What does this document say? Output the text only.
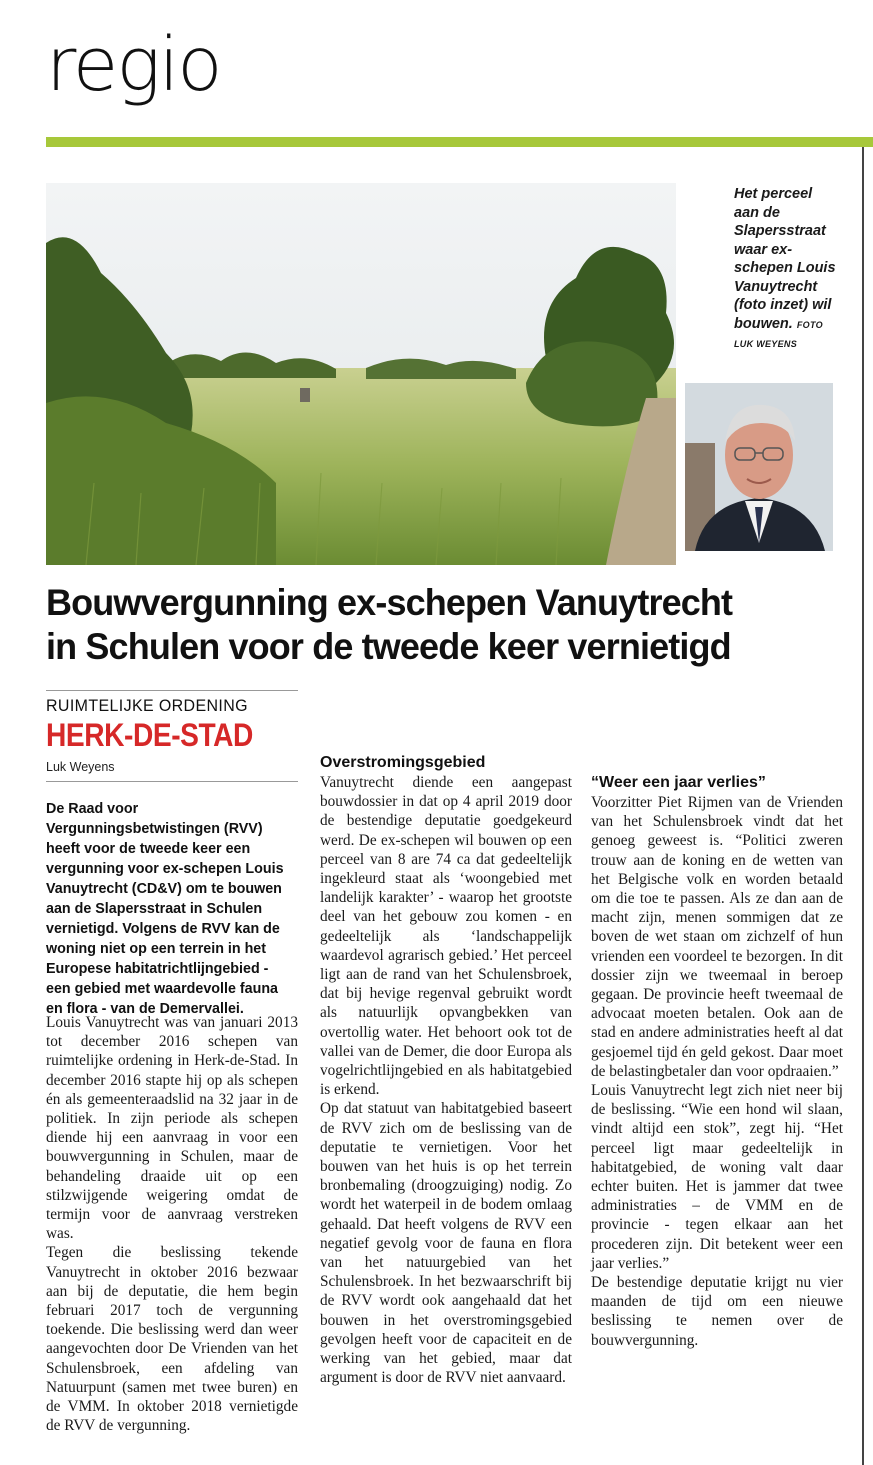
regio
Het perceel aan de Slapersstraat waar ex-schepen Louis Vanuytrecht (foto inzet) wil bouwen. FOTO LUK WEYENS
Bouwvergunning ex-schepen Vanuytrecht
in Schulen voor de tweede keer vernietigd
RUIMTELIJKE ORDENING
HERK-DE-STAD
Luk Weyens
De Raad voor Vergunningsbetwistingen (RVV) heeft voor de tweede keer een vergunning voor ex-schepen Louis Vanuytrecht (CD&V) om te bouwen aan de Slapersstraat in Schulen vernietigd. Volgens de RVV kan de woning niet op een terrein in het Europese habitatrichtlijngebied - een gebied met waardevolle fauna en flora - van de Demervallei.

Louis Vanuytrecht was van januari 2013 tot december 2016 schepen van ruimtelijke ordening in Herk-de-Stad. In december 2016 stapte hij op als schepen én als gemeenteraadslid na 32 jaar in de politiek. In zijn periode als schepen diende hij een aanvraag in voor een bouwvergunning in Schulen, maar de behandeling draaide uit op een stilzwijgende weigering omdat de termijn voor de aanvraag verstreken was.

Tegen die beslissing tekende Vanuytrecht in oktober 2016 bezwaar aan bij de deputatie, die hem begin februari 2017 toch de vergunning toekende. Die beslissing werd dan weer aangevochten door De Vrienden van het Schulensbroek, een afdeling van Natuurpunt (samen met twee buren) en de VMM. In oktober 2018 vernietigde de RVV de vergunning.

Overstromingsgebied

Vanuytrecht diende een aangepast bouwdossier in dat op 4 april 2019 door de bestendige deputatie goedgekeurd werd. De ex-schepen wil bouwen op een perceel van 8 are 74 ca dat gedeeltelijk ingekleurd staat als ‘woongebied met landelijk karakter’ - waarop het grootste deel van het gebouw zou komen - en gedeeltelijk als ‘landschappelijk waardevol agrarisch gebied.’ Het perceel ligt aan de rand van het Schulensbroek, dat bij hevige regenval gebruikt wordt als natuurlijk opvangbekken van overtollig water. Het behoort ook tot de vallei van de Demer, die door Europa als vogelrichtlijngebied en als habitatgebied is erkend.

Op dat statuut van habitatgebied baseert de RVV zich om de beslissing van de deputatie te vernietigen. Voor het bouwen van het huis is op het terrein bronbemaling (droogzuiging) nodig. Zo wordt het waterpeil in de bodem omlaag gehaald. Dat heeft volgens de RVV een negatief gevolg voor de fauna en flora van het natuurgebied van het Schulensbroek. In het bezwaarschrift bij de RVV wordt ook aangehaald dat het bouwen in het overstromingsgebied gevolgen heeft voor de capaciteit en de werking van het gebied, maar dat argument is door de RVV niet aanvaard.

“Weer een jaar verlies”

Voorzitter Piet Rijmen van de Vrienden van het Schulensbroek vindt dat het genoeg geweest is. “Politici zweren trouw aan de koning en de wetten van het Belgische volk en worden betaald om die toe te passen. Als ze dan aan de macht zijn, menen sommigen dat ze boven de wet staan om zichzelf of hun vrienden een voordeel te bezorgen. In dit dossier zijn we tweemaal in beroep gegaan. De provincie heeft tweemaal de advocaat moeten betalen. Ook aan de stad en andere administraties heeft al dat gesjoemel tijd én geld gekost. Daar moet de belastingbetaler dan voor opdraaien.”

Louis Vanuytrecht legt zich niet neer bij de beslissing. “Wie een hond wil slaan, vindt altijd een stok”, zegt hij. “Het perceel ligt maar gedeeltelijk in habitatgebied, de woning valt daar echter buiten. Het is jammer dat twee administraties – de VMM en de provincie - tegen elkaar aan het procederen zijn. Dit betekent weer een jaar verlies.”

De bestendige deputatie krijgt nu vier maanden de tijd om een nieuwe beslissing te nemen over de bouwvergunning.
